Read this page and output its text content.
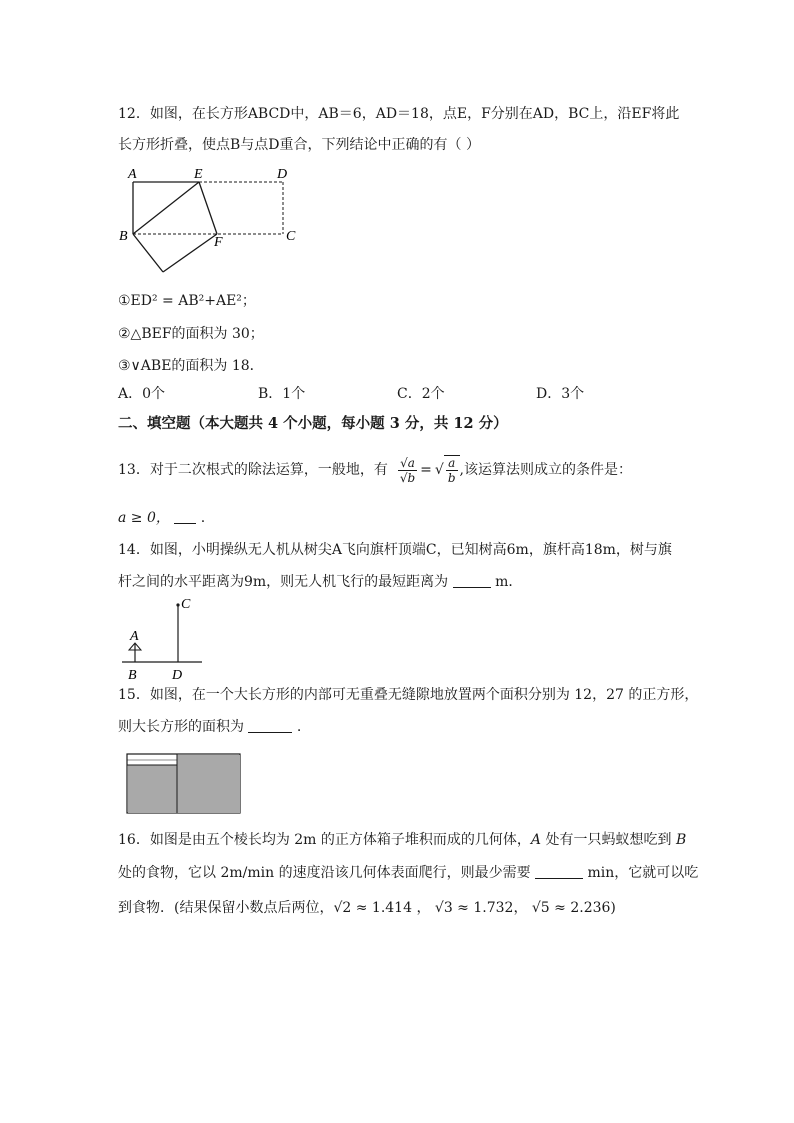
12．如图，在长方形ABCD中，AB＝6，AD＝18，点E，F分别在AD，BC上，沿EF将此
长方形折叠，使点B与点D重合，下列结论中正确的有（ ）
A	E	D
B	F	C
①ED² = AB²+AE²；
②△BEF的面积为 30；
③∨ABE的面积为 18．
A．0个	B．1个	C．2个	D．3个
二、填空题（本大题共 4 个小题，每小题 3 分，共 12 分）
13．对于二次根式的除法运算，一般地，有 $\frac{√a}{√b}$ = √ $\frac{a}{b}$ ,该运算法则成立的条件是：
a ≥ 0， .
14．如图，小明操纵无人机从树尖A飞向旗杆顶端C，已知树高6m，旗杆高18m，树与旗
杆之间的水平距离为9m，则无人机飞行的最短距离为	m．
C
A
B	D
15．如图，在一个大长方形的内部可无重叠无缝隙地放置两个面积分别为 12，27 的正方形，
则大长方形的面积为	.
16．如图是由五个棱长均为 2m 的正方体箱子堆积而成的几何体，A 处有一只蚂蚁想吃到 B
处的食物，它以 2m/min 的速度沿该几何体表面爬行，则最少需要	min，它就可以吃
到食物．(结果保留小数点后两位，√2 ≈ 1.414 ， √3 ≈ 1.732， √5 ≈ 2.236)
